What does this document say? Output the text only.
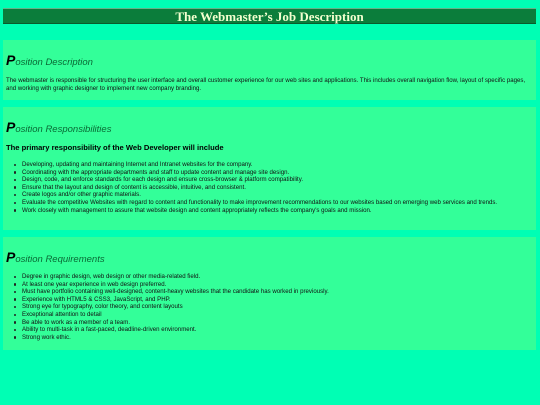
The Webmaster’s Job Description
Position Description

The webmaster is responsible for structuring the user interface and overall customer experience for our web sites and applications. This includes overall navigation flow, layout of specific pages, and working with graphic designer to implement new company branding.

Position Responsibilities
The primary responsibility of the Web Developer will include
Developing, updating and maintaining Internet and Intranet websites for the company.
Coordinating with the appropriate departments and staff to update content and manage site design.
Design, code, and enforce standards for each design and ensure cross-browser & platform compatibility.
Ensure that the layout and design of content is accessible, intuitive, and consistent.
Create logos and/or other graphic materials.
Evaluate the competitive Websites with regard to content and functionality to make improvement recommendations to our websites based on emerging web services and trends.
Work closely with management to assure that website design and content appropriately reflects the company's goals and mission.
Position Requirements
Degree in graphic design, web design or other media-related field.
At least one year experience in web design preferred.
Must have portfolio containing well-designed, content-heavy websites that the candidate has worked in previously.
Experience with HTML5 & CSS3, JavaScript, and PHP.
Strong eye for typography, color theory, and content layouts
Exceptional attention to detail
Be able to work as a member of a team.
Ability to multi-task in a fast-paced, deadline-driven environment.
Strong work ethic.
